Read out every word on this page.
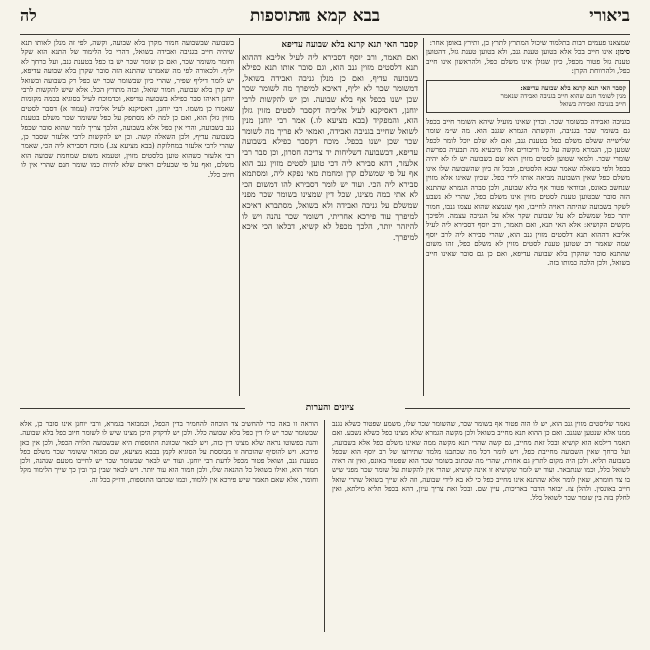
ביאורי
בבא קמא נז:
התוספות
לה
שמצאנו פעמים רבות בתלמוד שיכול המתרץ לתרץ כן, ותירץ באופן אחר:
סימן: אינו חייב בכל אלא בטוען טענת גנב, ולא בטוען טענת גזל, דהטוען טענת גזל פטור מכפל, כיון שגזלן אינו משלם כפל, ולהראשון אינו חייב כפל, ולהרווחת הקרן:
קסבר האי תנא קרנא בלא שבועה עדיפא:
מנין לשומר חנם שהוא חייב בגניבה ואבידה שנאמר
חייב בגניבה ואבידה בשואל
בגניבה ואבידה כבשומר שכר. ובדין שאינו מועיל שיהא השומר חייב בכפל גם בשומר שכר בגניבה, והקשתה הגמרא שגנב הוא. מה ש״מ שומר שלישייה ששלם משלם כפל בטענת גנב, ואם לא שלם יוכל לומר לכפל שטען כן, הגמרא מקשה על כל ודיבורים אלו מיבעיא מה תבעיה בפרשת שומרי שכר. ולמאי שטוען לסטים מזוין הוא שם בשבועה יש לו לא יהיה בכפל ולפי בשאלה שאמר שבא הלסטים, ובכל זה כיון שהשבועה שלו אינו משלם כפל שאין השבועה מביאה אותו לידי כפל. שכיון שאינו אלא מזוין שנחשב כאונס, ובוודאי פטור אף בלא שבועה, ולכן סברה הגמרא שהתנא הזה סובר שבטוען טענת לסטים מזוין אינו משלם כפל, שהרי לא נשבע לשקר בשבועה שהיתה ראויה לחייבו, ואף שנמצא שהוא עצמו גנבו, חמור יותר כפל שמשלם לא על שבועת שקר אלא על הגניבה עצמה. ולפיכך מקשים הקושיא: אלא האי תנא, ואם תאמר, ורב יוסף דסבירא ליה לעיל אליבא דההוא תנא דלסטים מזוין גנב הוא, שהרי סבירא ליה לרב יוסף שמה שאמר רב שטוען טענת לסטים מזוין לא משלם כפל, זהו משום שהתנא סובר שהקרן בלא שבועה עדיפא, ואם כן גם סובר שאינו חייב בשואל, ולכן הלכה כמותו בזה.
קסבר האי תנא קרנא בלא שבועה עדיפא
ואם תאמר, ורב יוסף דסבירא ליה לעיל אליבא דההוא תנא דלסטים מזוין גנב הוא, וגם סובר אותו תנא כפילא בשבועה עדיף, ואם כן מנלן גניבה ואבידה בשואל, דמשומר שכר לא יליף, דאיכא למיפרך מה לשומר שכר שכן ישנו בכפל אף בלא שבועה. וכן יש להקשות לרבי יוחנן, דאסיקנא לעיל אליביה דקסבר לסטים מזוין גזלן הוא, והמפקיד (בבא מציעא לו.) אמר רבי יוחנן מנין לשואל שחייב בגניבה ואבידה, ואמאי לא פריך מה לשומר שכר שכן ישנו בכפל. מוכח דקסבר כפילא בשבועה עדיפא, דבשבועה דשליחות יד צריכה חסרון, וכן סבר רבי אלעזר, דהא סבירא ליה דכי טוען לסטים מזוין גנב הוא אף על פי שמשלם קרן ומחמת מאי נפקא ליה, ומסתמא סבירא ליה הכי. ועוד יש לומר דסבירא להו דמשום הכי לא אתי במה מצינו, שכל דין שמצינו בשומר שכר מפני שמשלם על גניבה ואבידה ולא בשואל, מסתברא דאיכא למיפרך עוד פירכא אחריתי, דשומר שכר נהנה ויש לו להיזהר יותר, הלכך מכפל לא קשיא, דבלאו הכי איכא למיפרך.
בשבועה שבשבועה חמור מקרן בלא שבועה, וקשה, לפי זה מנלן לאותו תנא שיהיה חייב בגניבה ואבידה בשואל, דהרי כל הלימוד של התנא הוא שקל וחומר משומר שכר, ואם כן שומר שכר יש בו כפל בטענת גנב, ועל כרחך לא יליף. ולכאורה לפי מה שאמרנו שהתנא הזה סובר שקרן בלא שבועה עדיפא, יש לומר דיליף שפיר, שהרי כיון שבשומר שכר יש כפל רק בשבועה ובשואל יש קרן בלא שבועה, חמור שואל, ובזה מתורץ הכל. אלא שיש להקשות לרבי יוחנן דאיהו סבר כפילא בשבועה עדיפא, וכדמוכח לעיל בסוגיא בכמה מקומות שאמרו כן משמו. רבי יוחנן, דאסיקנא לעיל אליביה (עמוד א) דסבר לסטים מזוין גזלן הוא, ואם כן למה לא מסתפק על כפל ששומר שכר משלם בטענת גנב בשבועה, והרי אין כפל אלא בשבועה, הלכך צריך לומר שהוא סובר שכפל בשבועה עדיף, ולכן השאלה קשה. וכן יש להקשות לרבי אלעזר שסבר כן, שהרי לרבי אלעזר במחלוקת (בבא מציעא צג.) מוכח דסבירא ליה הכי, שאמר רבי אלעזר כשהוא טוען בלסטים מזוין, וטעמא משום שמחמת שבועה הוא משלם, ואף על פי שבעלים ראוים שלא להיות כמו שומר חנם שהרי אין לו חיוב כלל.
ציונים והערות
נאמר שליסטים מזוין גנב הוא, יש לו הוה פטור אף בשומר שכר, שהשומר שכר שלו, משמע שפטור כשלא נגנב ממנו אלא שנטען שנגנב. ואם כן ההוא תנא מחייב בשואל ולכן מקשה הגמרא שלא מצינו כפל כשלא נשבע. ואם תאמר דילמא הוא קושיא ובכל זאת מחייב, גם קשה שהרי תנא מקשה ממה שאינו משלם כפל אלא בשבועה, ועל כרחך שאין השבועה מחייבת כפל, ויש לומר דכל מה שכתבנו מלמד שתירוצו של רב יוסף הוא שכפל בשבועה תליא. ולכן היה מקום לתרץ גם אחרת, שהרי מה שכתוב בשומר שכר הוא שפטור באונס, ואין זה ראיה לשואל כלל, וכמו שנתבאר. ועוד יש לומר שקושיא זו אינה קושיא, שהרי אין להקשות על שומר שכר מפני שיש בו צד חומרא, שאין לומר אלא שהתנא אינו מחייב כפל כי לא בא לידי שבועה, וזה לא שייך בשואל שהרי שואל חייב באונסין. ולהלן צז. יבואר הדבר באריכות, עיין שם. ובכל זאת צריך עיון, דהא בכפל תליא מילתא, ואין לחלק בזה בין שומר שכר לשואל כלל.
הוראה זו באה כדי להחשיב צד הוכחה להחמיר בדין הכפל, וכמבואר בגמרא, ורבי יוחנן אינו סובר כן, אלא שבשומר שכר יש לו דין כפל בלא שבועה כלל. ולכן יש לדקדק היכן מצינו שיש לו לשומר חיוב כפל בלא שבועה. והנה בפשוטו נראה שלא מצינו דין כזה, ויש לבאר שכוונת התוספות היא שבשבועה תלויה הכפל, ולכן אין כאן פירכא. ויש להוסיף שהוכחה זו מבוססת על הסוגיא לקמן בבבא מציעא, שם מבואר ששומר שכר משלם כפל בטענת גנב, ושואל פטור מכפל לדעת רבי יוחנן. ועוד יש לבאר שבשומר שכר יש לחייבו מטעם שנהנה, ולכן חמור הוא, ואילו בשואל כל ההנאה שלו, ולכן חמור הוא עוד יותר. ויש לבאר שבין כך ובין כך שייך הלימוד מקל וחומר, אלא שאם תאמר שיש פירכא אין ללמוד, וכמו שכתבו התוספות, ודו״ק בכל זה.
